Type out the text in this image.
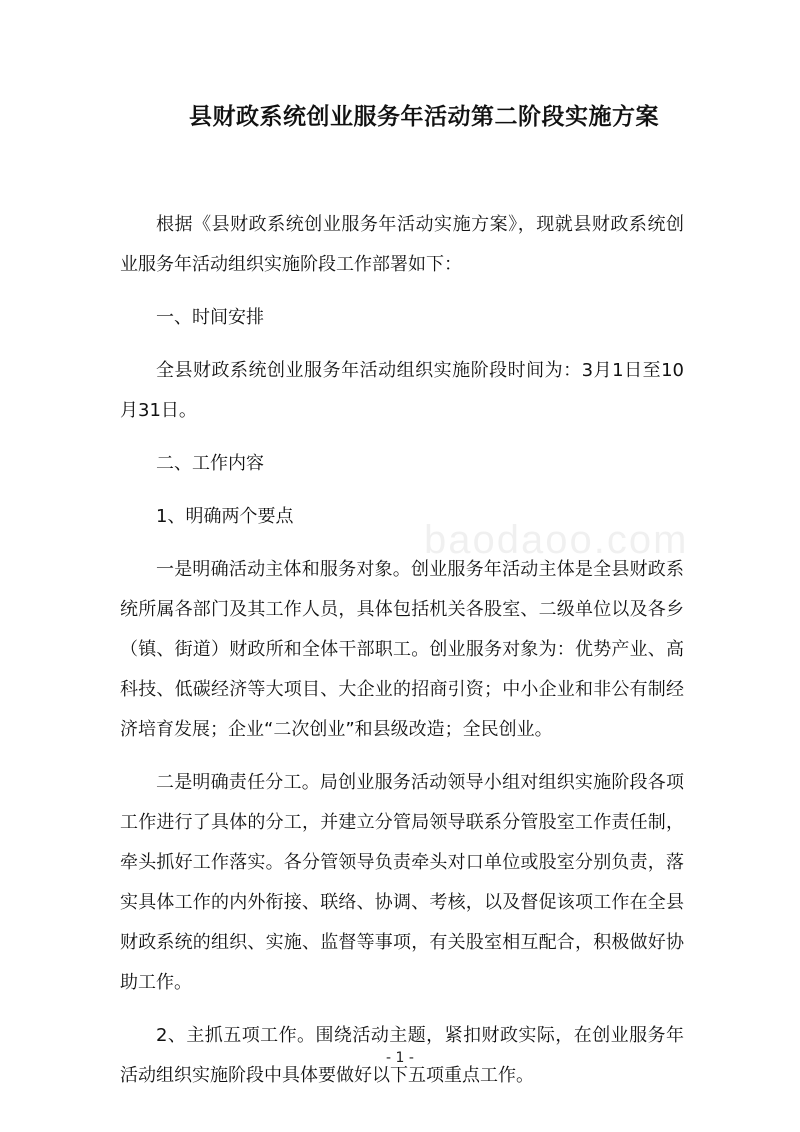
baodaoo.com
县财政系统创业服务年活动第二阶段实施方案

根据《县财政系统创业服务年活动实施方案》，现就县财政系统创业服务年活动组织实施阶段工作部署如下：

一、时间安排

全县财政系统创业服务年活动组织实施阶段时间为：3月1日至10月31日。

二、工作内容

1、明确两个要点

一是明确活动主体和服务对象。创业服务年活动主体是全县财政系统所属各部门及其工作人员，具体包括机关各股室、二级单位以及各乡（镇、街道）财政所和全体干部职工。创业服务对象为：优势产业、高科技、低碳经济等大项目、大企业的招商引资；中小企业和非公有制经济培育发展；企业“二次创业”和县级改造；全民创业。

二是明确责任分工。局创业服务活动领导小组对组织实施阶段各项工作进行了具体的分工，并建立分管局领导联系分管股室工作责任制，牵头抓好工作落实。各分管领导负责牵头对口单位或股室分别负责，落实具体工作的内外衔接、联络、协调、考核，以及督促该项工作在全县财政系统的组织、实施、监督等事项，有关股室相互配合，积极做好协助工作。

2、主抓五项工作。围绕活动主题，紧扣财政实际，在创业服务年活动组织实施阶段中具体要做好以下五项重点工作。

- 1 -
